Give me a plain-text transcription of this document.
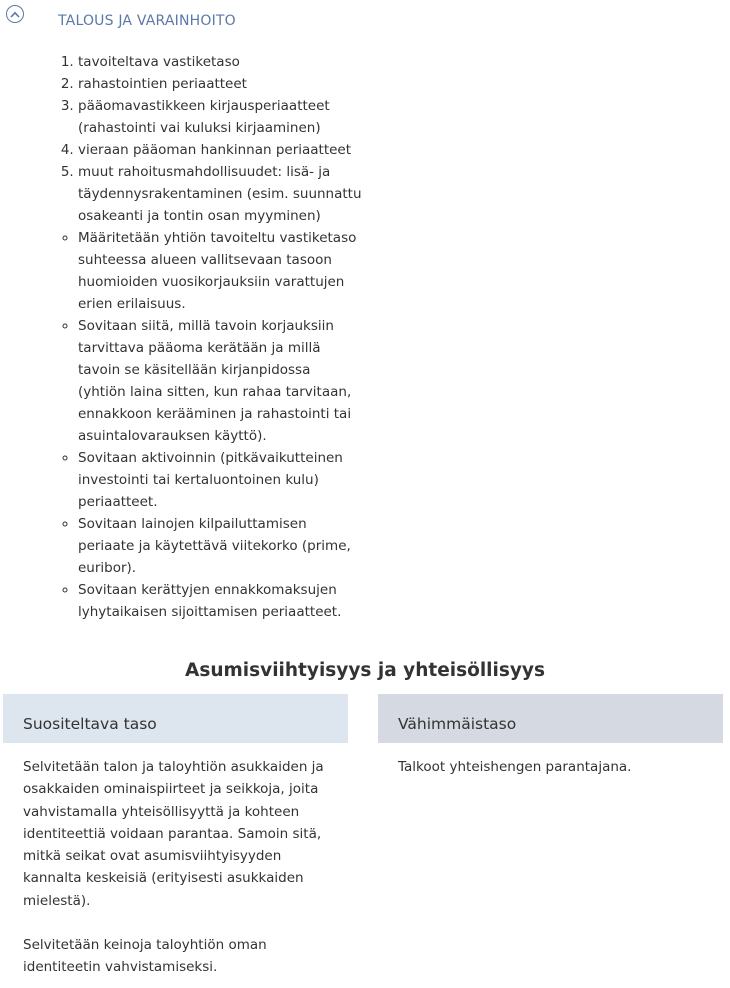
TALOUS JA VARAINHOITO
1. tavoiteltava vastiketaso
2. rahastointien periaatteet
3. pääomavastikkeen kirjausperiaatteet (rahastointi vai kuluksi kirjaaminen)
4. vieraan pääoman hankinnan periaatteet
5. muut rahoitusmahdollisuudet: lisä- ja täydennysrakentaminen (esim. suunnattu osakeanti ja tontin osan myyminen)
◦ Määritetään yhtiön tavoiteltu vastiketaso suhteessa alueen vallitsevaan tasoon huomioiden vuosikorjauksiin varattujen erien erilaisuus.
◦ Sovitaan siitä, millä tavoin korjauksiin tarvittava pääoma kerätään ja millä tavoin se käsitellään kirjanpidossa (yhtiön laina sitten, kun rahaa tarvitaan, ennakkoon kerääminen ja rahastointi tai asuintalovarauksen käyttö).
◦ Sovitaan aktivoinnin (pitkävaikutteinen investointi tai kertaluontoinen kulu) periaatteet.
◦ Sovitaan lainojen kilpailuttamisen periaate ja käytettävä viitekorko (prime, euribor).
◦ Sovitaan kerättyjen ennakkomaksujen lyhytaikaisen sijoittamisen periaatteet.
Asumisviihtyisyys ja yhteisöllisyys
Suositeltava taso	Vähimmäistaso

Selvitetään talon ja taloyhtiön asukkaiden ja osakkaiden ominaispiirteet ja seikkoja, joita vahvistamalla yhteisöllisyyttä ja kohteen identiteettiä voidaan parantaa. Samoin sitä, mitkä seikat ovat asumisviihtyisyyden kannalta keskeisiä (erityisesti asukkaiden mielestä).

Selvitetään keinoja taloyhtiön oman identiteetin vahvistamiseksi.

Talkoot yhteishengen parantajana.
